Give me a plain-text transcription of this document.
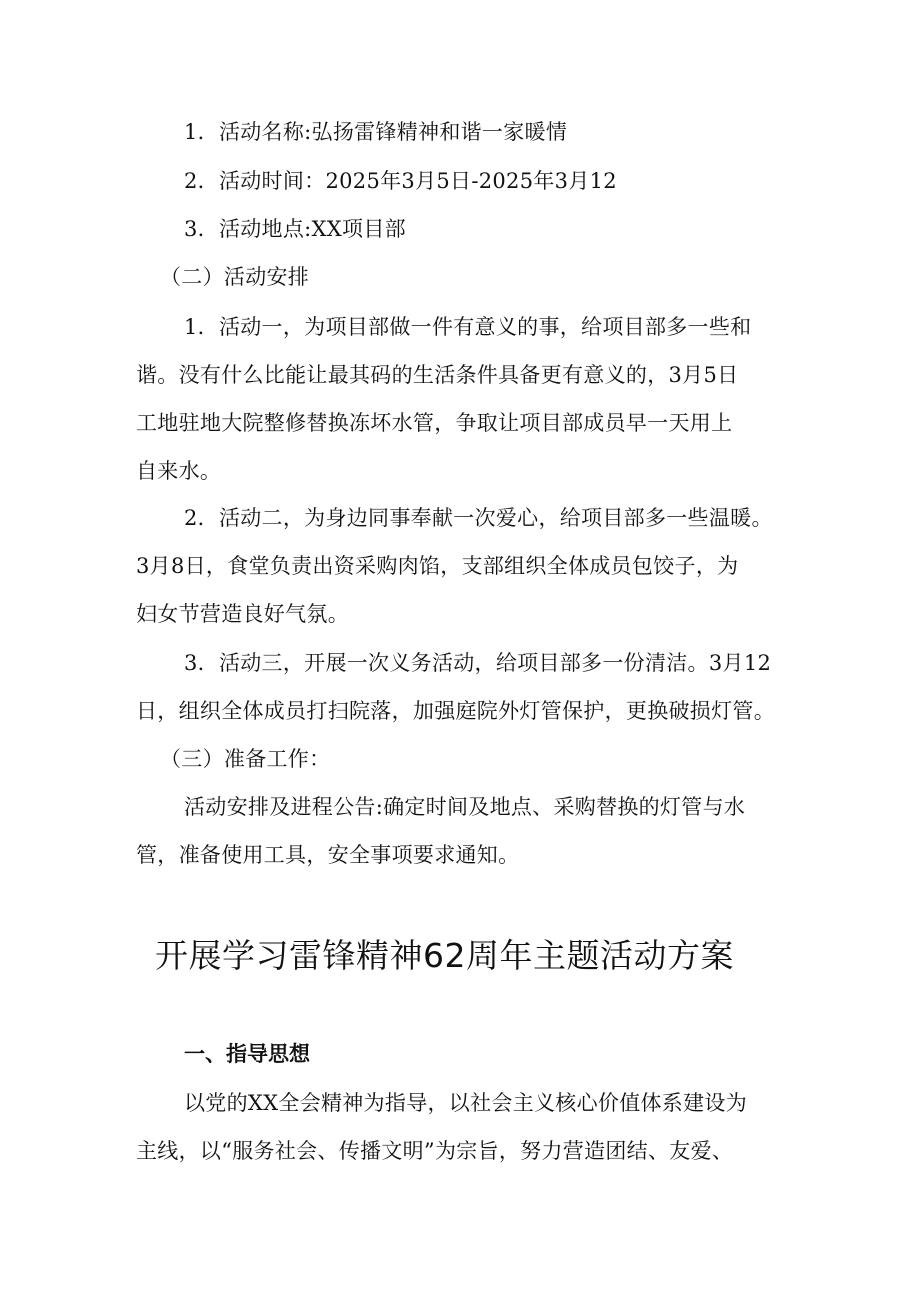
1．活动名称:弘扬雷锋精神和谐一家暖情
2．活动时间：2025年3月5日-2025年3月12
3．活动地点:XX项目部
（二）活动安排
1．活动一，为项目部做一件有意义的事，给项目部多一些和
谐。没有什么比能让最其码的生活条件具备更有意义的，3月5日
工地驻地大院整修替换冻坏水管，争取让项目部成员早一天用上
自来水。
2．活动二，为身边同事奉献一次爱心，给项目部多一些温暖。
3月8日，食堂负责出资采购肉馅，支部组织全体成员包饺子，为
妇女节营造良好气氛。
3．活动三，开展一次义务活动，给项目部多一份清洁。3月12
日，组织全体成员打扫院落，加强庭院外灯管保护，更换破损灯管。
（三）准备工作：
活动安排及进程公告:确定时间及地点、采购替换的灯管与水
管，准备使用工具，安全事项要求通知。
开展学习雷锋精神62周年主题活动方案
一、指导思想
以党的XX全会精神为指导，以社会主义核心价值体系建设为
主线，以“服务社会、传播文明”为宗旨，努力营造团结、友爱、
